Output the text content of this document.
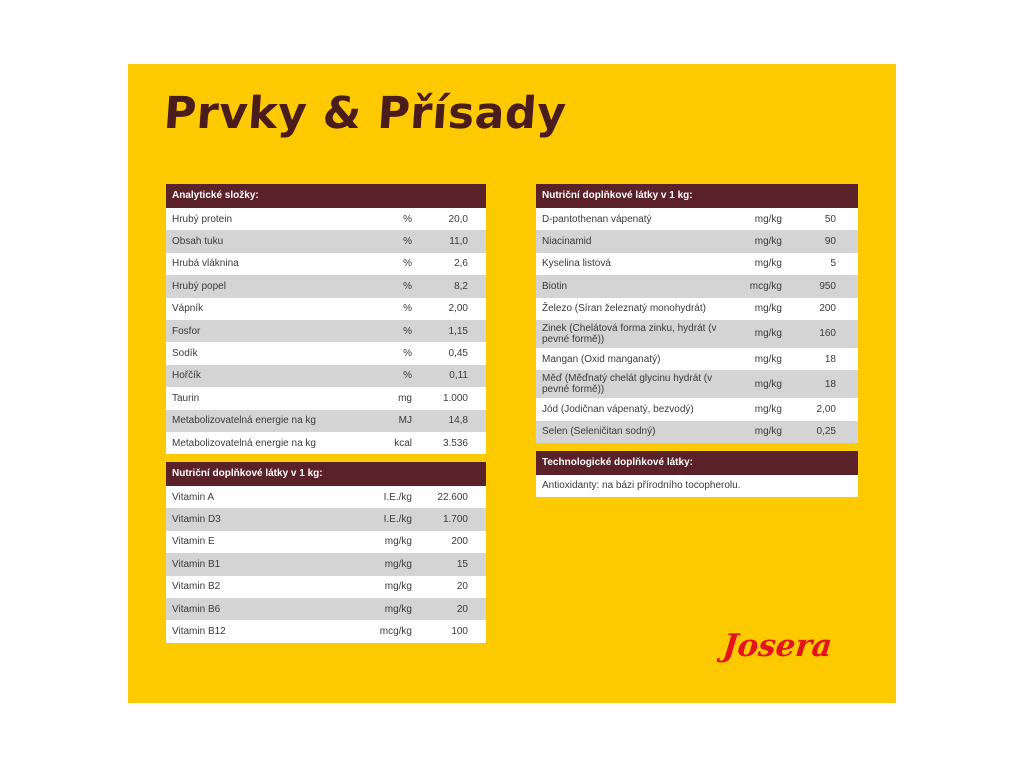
Prvky & Přísady
Analytické složky:
Hrubý protein	%	20,0
Obsah tuku	%	11,0
Hrubá vláknina	%	2,6
Hrubý popel	%	8,2
Vápník	%	2,00
Fosfor	%	1,15
Sodík	%	0,45
Hořčík	%	0,11
Taurin	mg	1.000
Metabolizovatelná energie na kg	MJ	14,8
Metabolizovatelná energie na kg	kcal	3.536
Nutriční doplňkové látky v 1 kg:
Vitamin A	I.E./kg	22.600
Vitamin D3	I.E./kg	1.700
Vitamin E	mg/kg	200
Vitamin B1	mg/kg	15
Vitamin B2	mg/kg	20
Vitamin B6	mg/kg	20
Vitamin B12	mcg/kg	100
Nutriční doplňkové látky v 1 kg:
D-pantothenan vápenatý	mg/kg	50
Niacinamid	mg/kg	90
Kyselina listová	mg/kg	5
Biotin	mcg/kg	950
Železo (Síran železnatý monohydrát)	mg/kg	200
Zinek (Chelátová forma zinku, hydrát (v pevné formě))	mg/kg	160
Mangan (Oxid manganatý)	mg/kg	18
Měď (Měďnatý chelát glycinu hydrát (v pevné formě))	mg/kg	18
Jód (Jodičnan vápenatý, bezvodý)	mg/kg	2,00
Selen (Seleničitan sodný)	mg/kg	0,25
Technologické doplňkové látky:
Antioxidanty: na bázi přírodního tocopherolu.
Josera
